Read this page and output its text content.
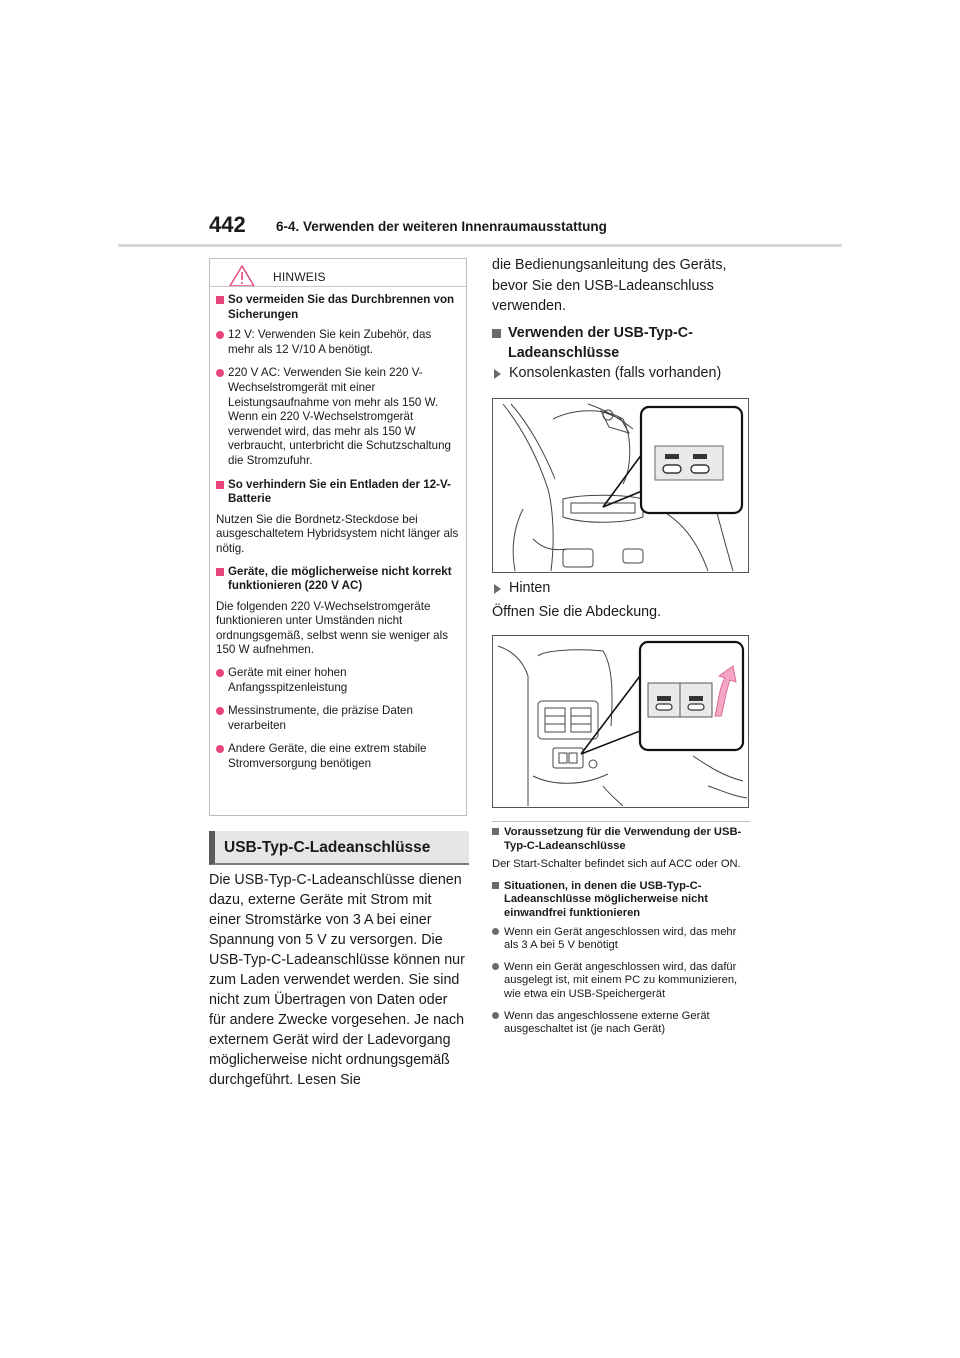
442 6-4. Verwenden der weiteren Innenraumausstattung
HINWEIS
So vermeiden Sie das Durchbrennen von Sicherungen
12 V: Verwenden Sie kein Zubehör, das mehr als 12 V/10 A benötigt.
220 V AC: Verwenden Sie kein 220 V-Wechselstromgerät mit einer Leistungsaufnahme von mehr als 150 W. Wenn ein 220 V-Wechselstromgerät verwendet wird, das mehr als 150 W verbraucht, unterbricht die Schutzschaltung die Stromzufuhr.
So verhindern Sie ein Entladen der 12-V-Batterie
Nutzen Sie die Bordnetz-Steckdose bei ausgeschaltetem Hybridsystem nicht länger als nötig.
Geräte, die möglicherweise nicht korrekt funktionieren (220 V AC)
Die folgenden 220 V-Wechselstromgeräte funktionieren unter Umständen nicht ordnungsgemäß, selbst wenn sie weniger als 150 W aufnehmen.
Geräte mit einer hohen Anfangsspitzenleistung
Messinstrumente, die präzise Daten verarbeiten
Andere Geräte, die eine extrem stabile Stromversorgung benötigen
USB-Typ-C-Ladeanschlüsse
Die USB-Typ-C-Ladeanschlüsse dienen dazu, externe Geräte mit Strom mit einer Stromstärke von 3 A bei einer Spannung von 5 V zu versorgen. Die USB-Typ-C-Ladeanschlüsse können nur zum Laden verwendet werden. Sie sind nicht zum Übertragen von Daten oder für andere Zwecke vorgesehen. Je nach externem Gerät wird der Ladevorgang möglicherweise nicht ordnungsgemäß durchgeführt. Lesen Sie
die Bedienungsanleitung des Geräts, bevor Sie den USB-Ladeanschluss verwenden.
Verwenden der USB-Typ-C-Ladeanschlüsse
Konsolenkasten (falls vorhanden)
Hinten
Öffnen Sie die Abdeckung.
Voraussetzung für die Verwendung der USB-Typ-C-Ladeanschlüsse
Der Start-Schalter befindet sich auf ACC oder ON.
Situationen, in denen die USB-Typ-C-Ladeanschlüsse möglicherweise nicht einwandfrei funktionieren
Wenn ein Gerät angeschlossen wird, das mehr als 3 A bei 5 V benötigt
Wenn ein Gerät angeschlossen wird, das dafür ausgelegt ist, mit einem PC zu kommunizieren, wie etwa ein USB-Speichergerät
Wenn das angeschlossene externe Gerät ausgeschaltet ist (je nach Gerät)
